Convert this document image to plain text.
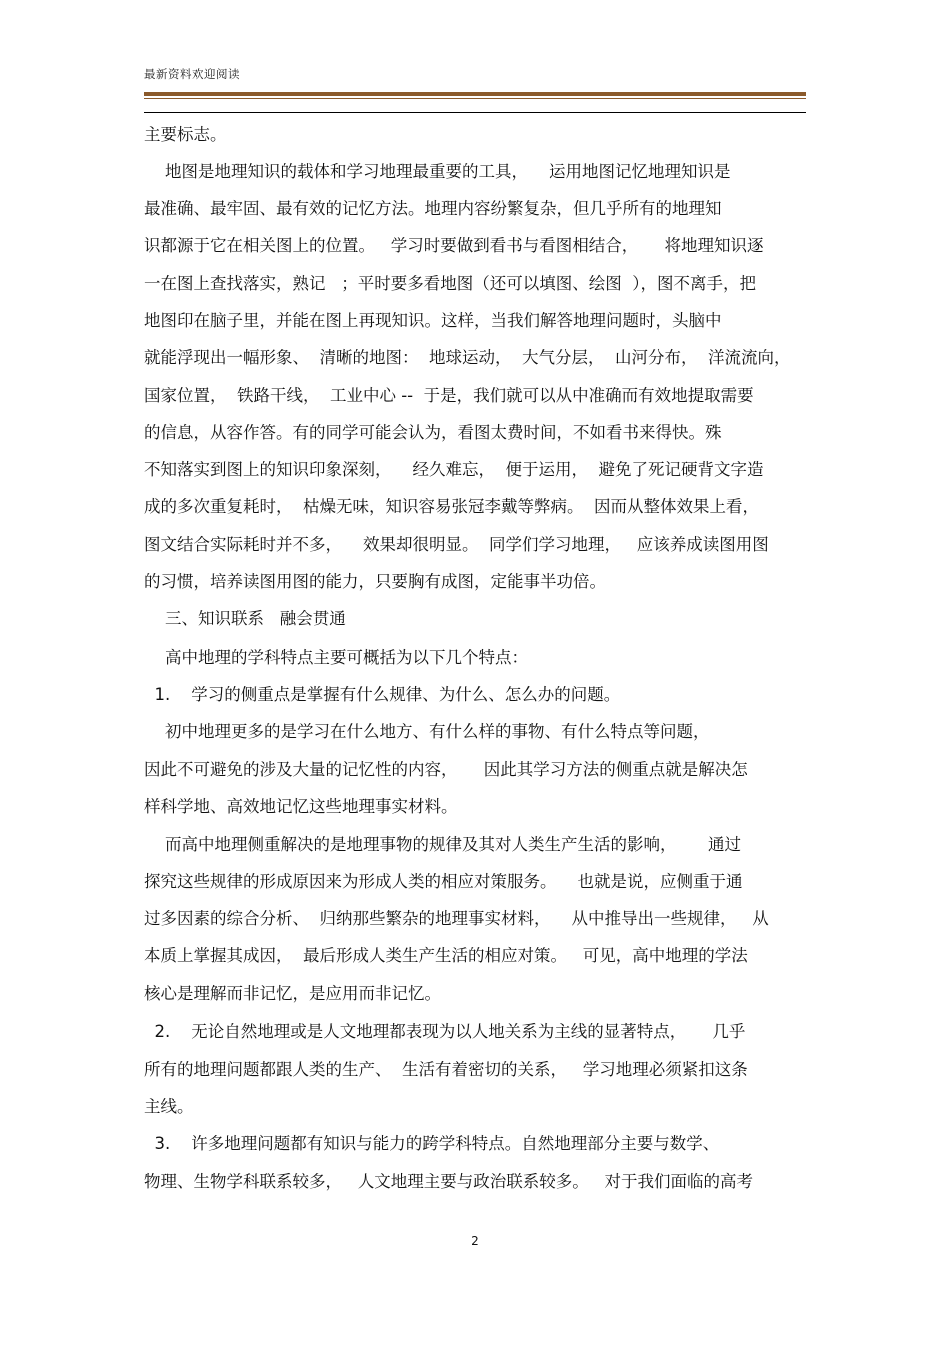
最新资料欢迎阅读
主要标志。
地图是地理知识的载体和学习地理最重要的工具，    运用地图记忆地理知识是
最准确、最牢固、最有效的记忆方法。地理内容纷繁复杂，但几乎所有的地理知
识都源于它在相关图上的位置。   学习时要做到看书与看图相结合，     将地理知识逐
一在图上查找落实，熟记   ；平时要多看地图（还可以填图、绘图  ），图不离手，把
地图印在脑子里，并能在图上再现知识。这样，当我们解答地理问题时，头脑中
就能浮现出一幅形象、  清晰的地图：  地球运动，  大气分层，  山河分布，  洋流流向，
国家位置，  铁路干线，  工业中心 --  于是，我们就可以从中准确而有效地提取需要
的信息，从容作答。有的同学可能会认为，看图太费时间，不如看书来得快。殊
不知落实到图上的知识印象深刻，    经久难忘，  便于运用，  避免了死记硬背文字造
成的多次重复耗时，  枯燥无味，知识容易张冠李戴等弊病。  因而从整体效果上看，
图文结合实际耗时并不多，    效果却很明显。  同学们学习地理，   应该养成读图用图
的习惯，培养读图用图的能力，只要胸有成图，定能事半功倍。
三、知识联系   融会贯通
高中地理的学科特点主要可概括为以下几个特点：
1.    学习的侧重点是掌握有什么规律、为什么、怎么办的问题。
初中地理更多的是学习在什么地方、有什么样的事物、有什么特点等问题，
因此不可避免的涉及大量的记忆性的内容，     因此其学习方法的侧重点就是解决怎
样科学地、高效地记忆这些地理事实材料。
而高中地理侧重解决的是地理事物的规律及其对人类生产生活的影响，      通过
探究这些规律的形成原因来为形成人类的相应对策服务。    也就是说，应侧重于通
过多因素的综合分析、  归纳那些繁杂的地理事实材料，    从中推导出一些规律，   从
本质上掌握其成因，  最后形成人类生产生活的相应对策。   可见，高中地理的学法
核心是理解而非记忆，是应用而非记忆。
2.    无论自然地理或是人文地理都表现为以人地关系为主线的显著特点，     几乎
所有的地理问题都跟人类的生产、  生活有着密切的关系，   学习地理必须紧扣这条
主线。
3.    许多地理问题都有知识与能力的跨学科特点。自然地理部分主要与数学、
物理、生物学科联系较多，   人文地理主要与政治联系较多。   对于我们面临的高考
2
